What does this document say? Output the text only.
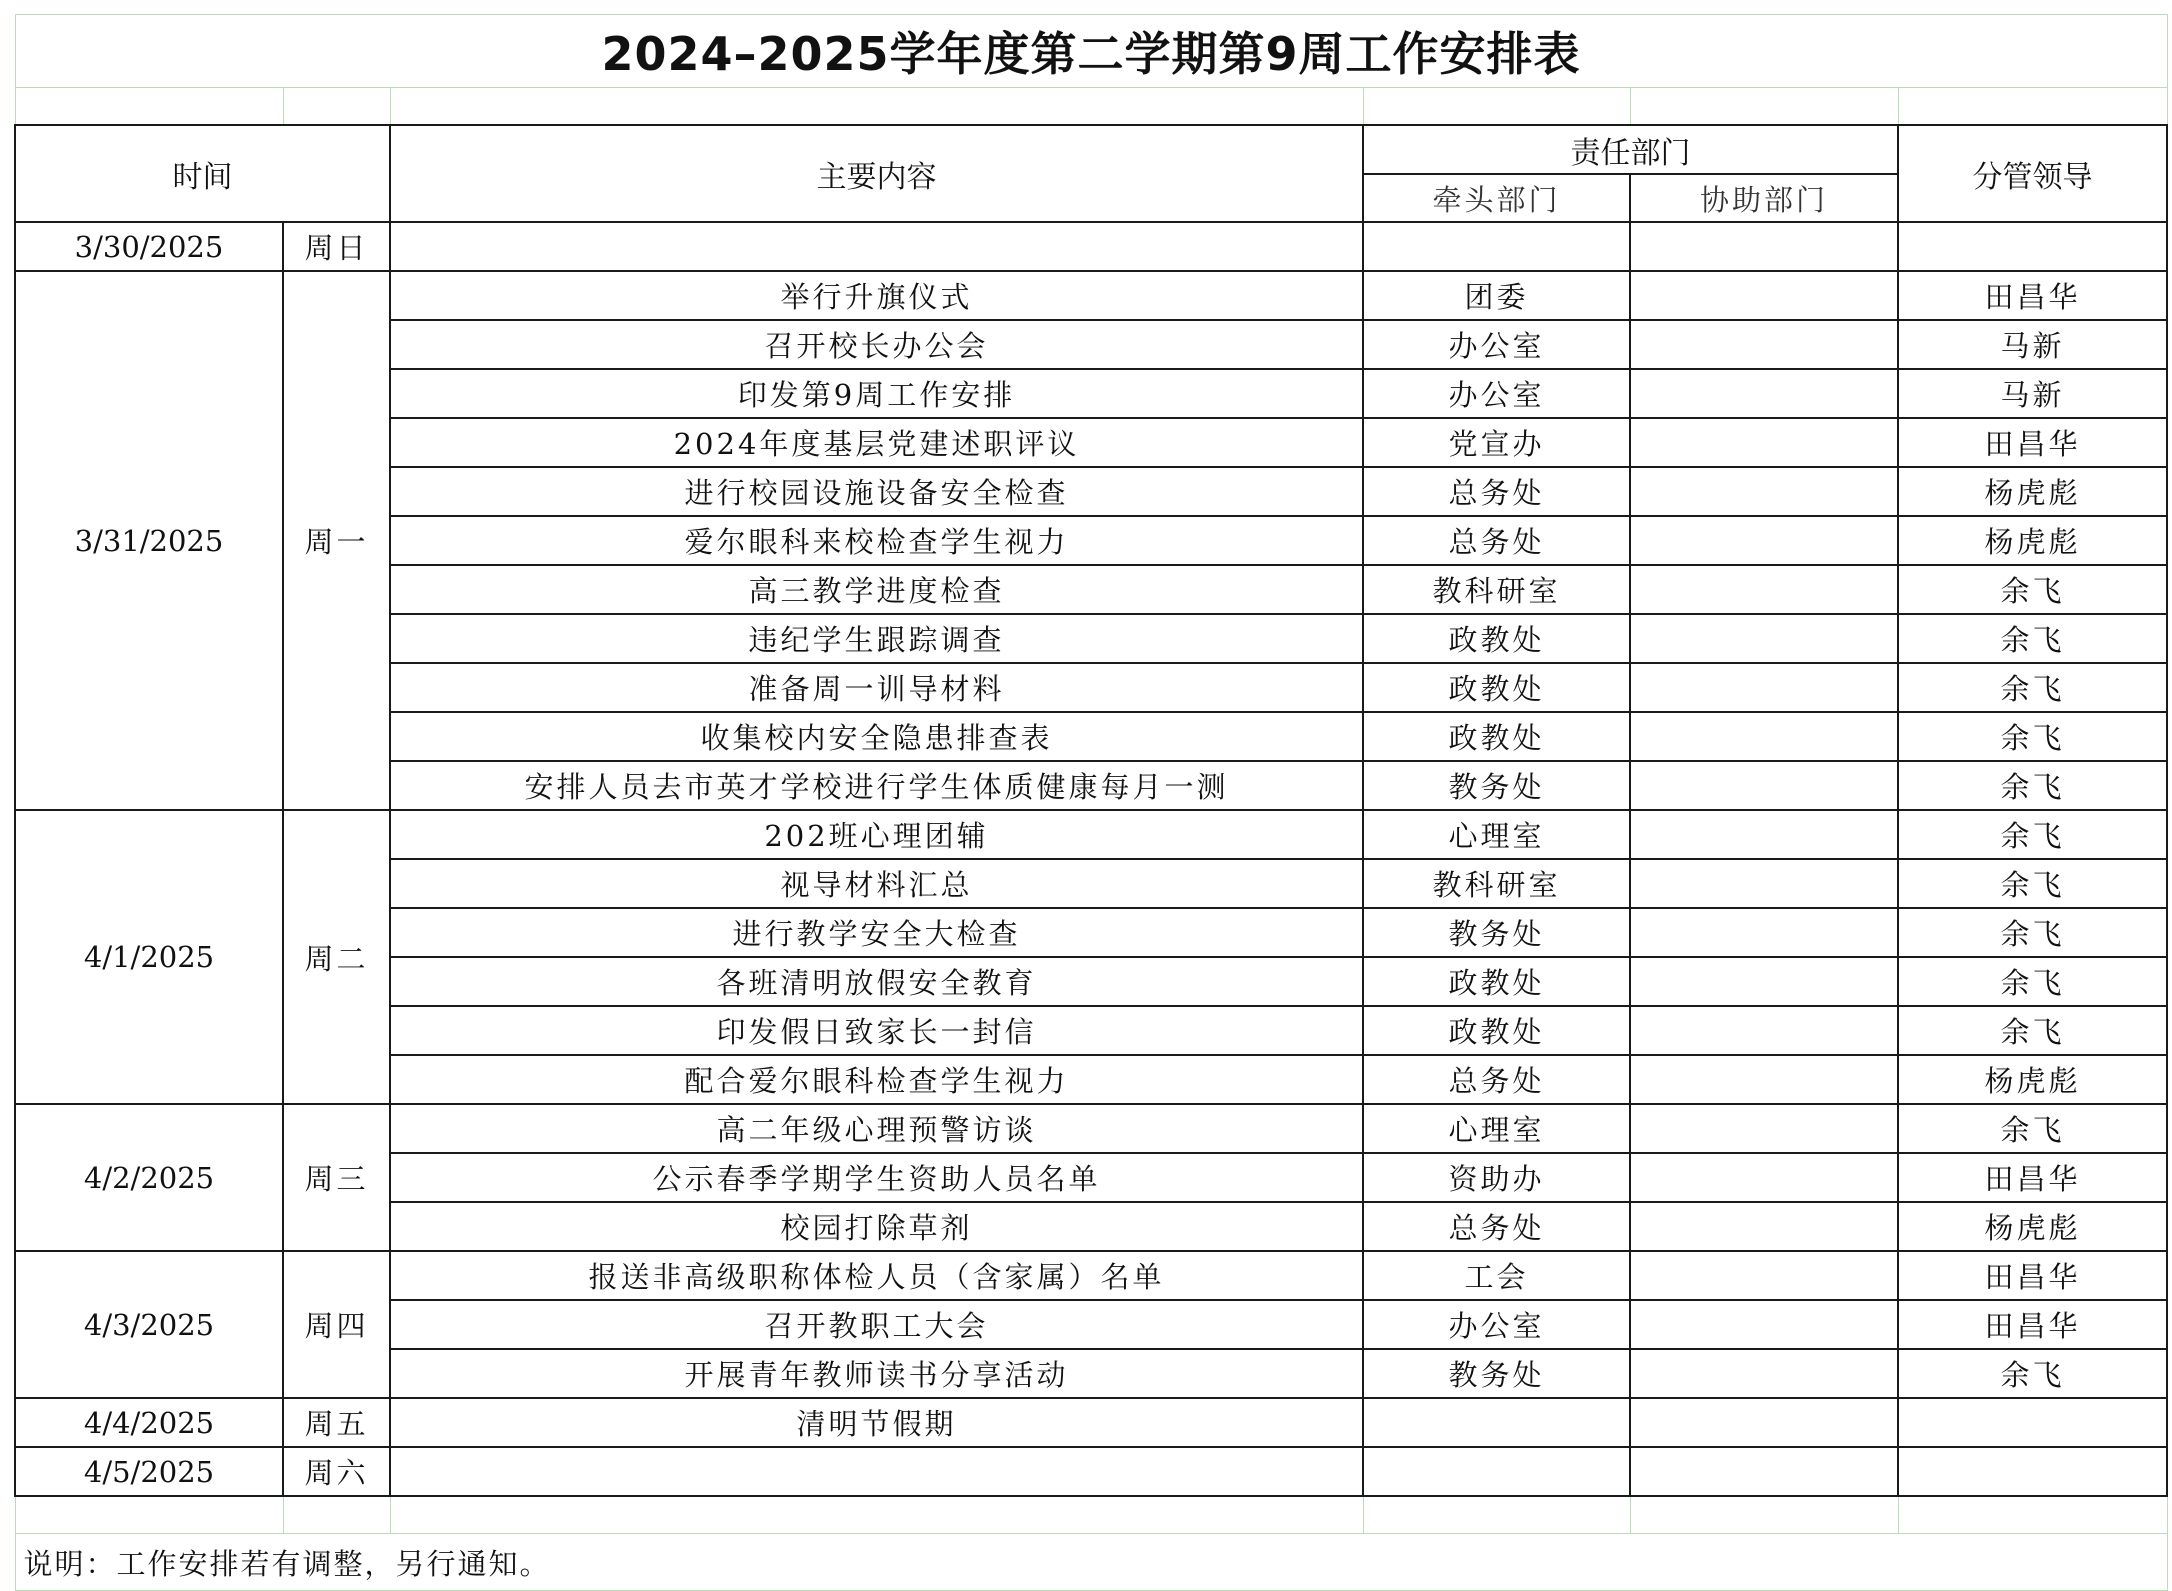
2024–2025学年度第二学期第9周工作安排表					

时间		主要内容	责任部门		分管领导
			牵头部门	协助部门	
3/30/2025	周日				
3/31/2025	周一	举行升旗仪式	团委		田昌华
		召开校长办公会	办公室		马新
		印发第9周工作安排	办公室		马新
		2024年度基层党建述职评议	党宣办		田昌华
		进行校园设施设备安全检查	总务处		杨虎彪
		爱尔眼科来校检查学生视力	总务处		杨虎彪
		高三教学进度检查	教科研室		余飞
		违纪学生跟踪调查	政教处		余飞
		准备周一训导材料	政教处		余飞
		收集校内安全隐患排查表	政教处		余飞
		安排人员去市英才学校进行学生体质健康每月一测	教务处		余飞
4/1/2025	周二	202班心理团辅	心理室		余飞
		视导材料汇总	教科研室		余飞
		进行教学安全大检查	教务处		余飞
		各班清明放假安全教育	政教处		余飞
		印发假日致家长一封信	政教处		余飞
		配合爱尔眼科检查学生视力	总务处		杨虎彪
4/2/2025	周三	高二年级心理预警访谈	心理室		余飞
		公示春季学期学生资助人员名单	资助办		田昌华
		校园打除草剂	总务处		杨虎彪
4/3/2025	周四	报送非高级职称体检人员（含家属）名单	工会		田昌华
		召开教职工大会	办公室		田昌华
		开展青年教师读书分享活动	教务处		余飞
4/4/2025	周五	清明节假期			
4/5/2025	周六				

说明：工作安排若有调整，另行通知。					
